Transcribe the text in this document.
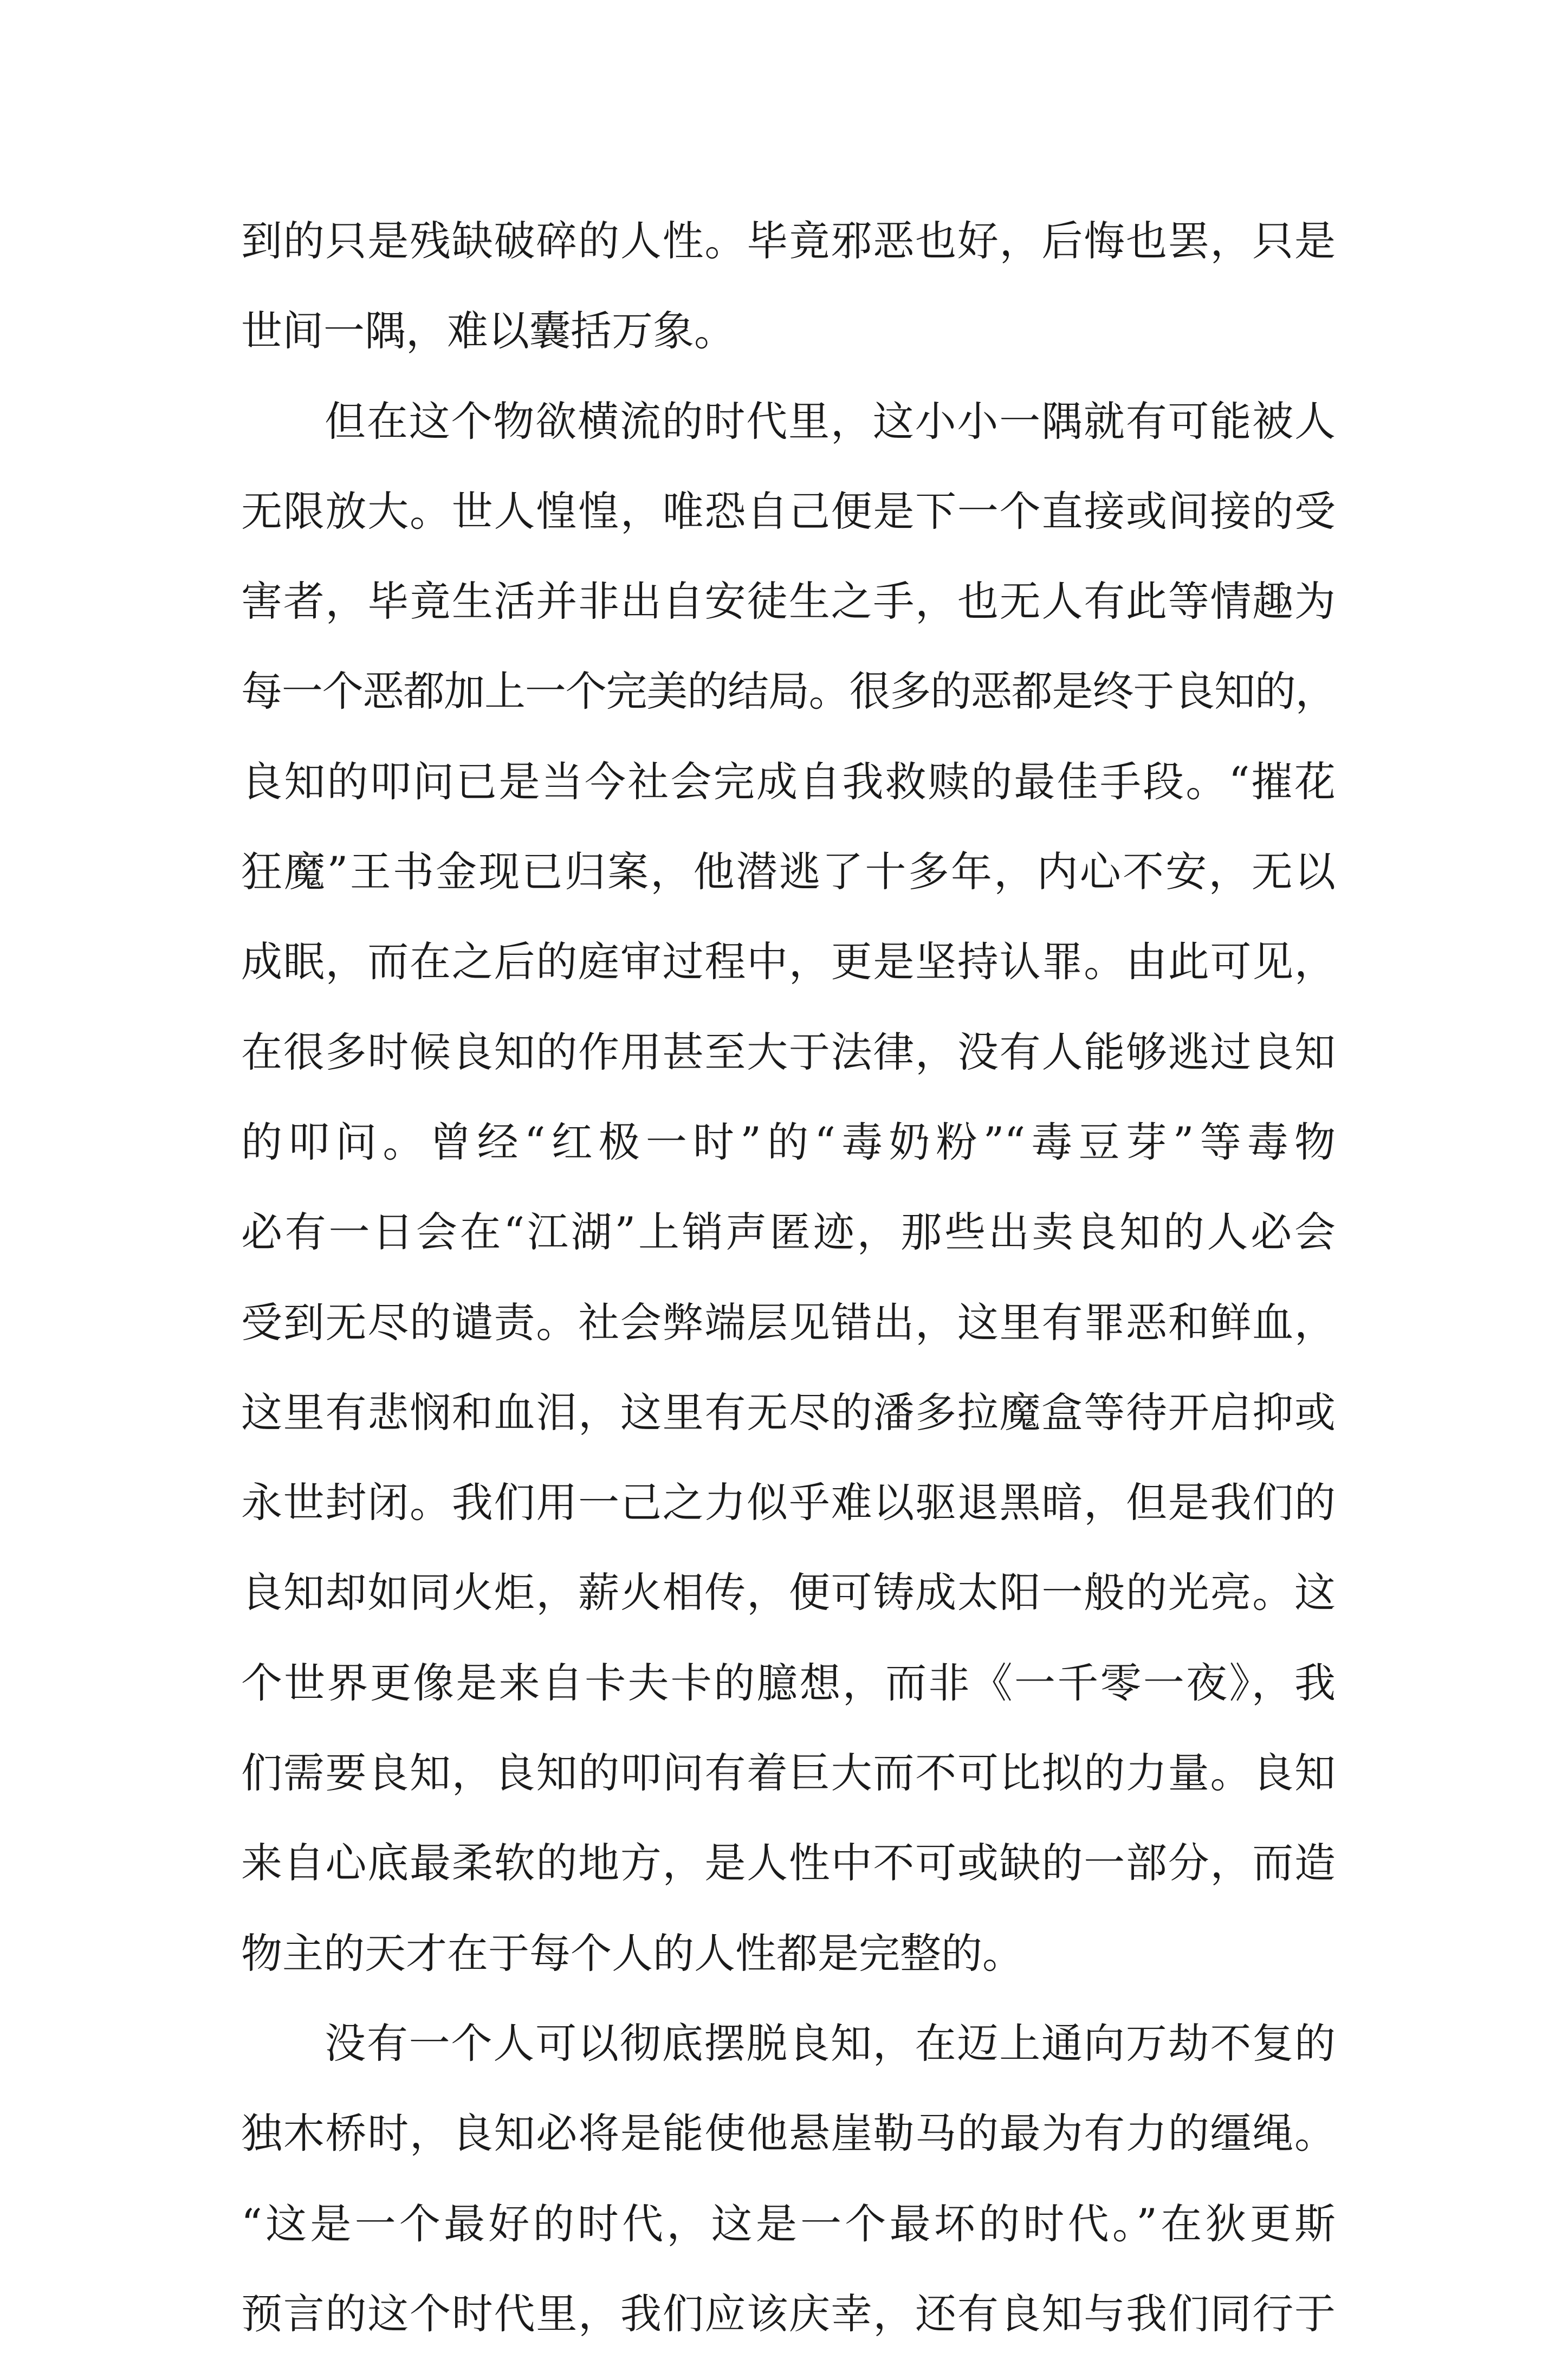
到的只是残缺破碎的人性。毕竟邪恶也好，后悔也罢，只是
世间一隅，难以囊括万象。
但在这个物欲横流的时代里，这小小一隅就有可能被人
无限放大。世人惶惶，唯恐自己便是下一个直接或间接的受
害者，毕竟生活并非出自安徒生之手，也无人有此等情趣为
每一个恶都加上一个完美的结局。很多的恶都是终于良知的，
良知的叩问已是当今社会完成自我救赎的最佳手段。“摧花
狂魔”王书金现已归案，他潜逃了十多年，内心不安，无以
成眠，而在之后的庭审过程中，更是坚持认罪。由此可见，
在很多时候良知的作用甚至大于法律，没有人能够逃过良知
的叩问。曾经“红极一时”的“毒奶粉”“毒豆芽”等毒物
必有一日会在“江湖”上销声匿迹，那些出卖良知的人必会
受到无尽的谴责。社会弊端层见错出，这里有罪恶和鲜血，
这里有悲悯和血泪，这里有无尽的潘多拉魔盒等待开启抑或
永世封闭。我们用一己之力似乎难以驱退黑暗，但是我们的
良知却如同火炬，薪火相传，便可铸成太阳一般的光亮。这
个世界更像是来自卡夫卡的臆想，而非《一千零一夜》，我
们需要良知，良知的叩问有着巨大而不可比拟的力量。良知
来自心底最柔软的地方，是人性中不可或缺的一部分，而造
物主的天才在于每个人的人性都是完整的。
没有一个人可以彻底摆脱良知，在迈上通向万劫不复的
独木桥时，良知必将是能使他悬崖勒马的最为有力的缰绳。
“这是一个最好的时代，这是一个最坏的时代。”在狄更斯
预言的这个时代里，我们应该庆幸，还有良知与我们同行于
